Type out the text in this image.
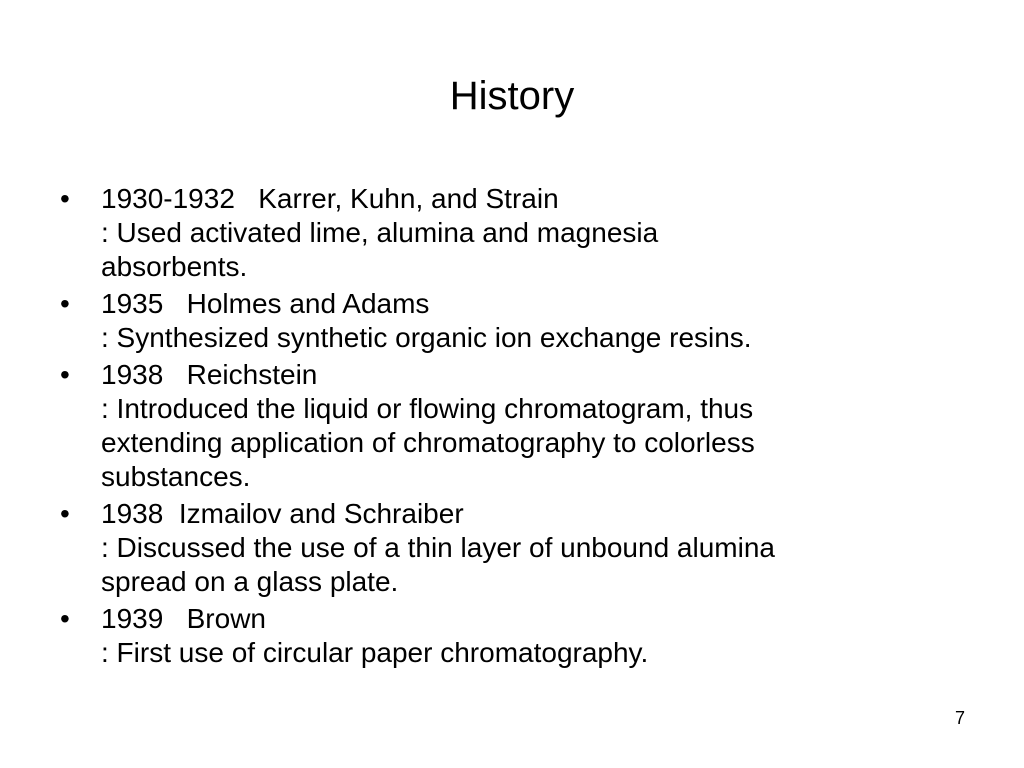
History
•	1930-1932   Karrer, Kuhn, and Strain
: Used activated lime, alumina and magnesia
absorbents.
•	1935   Holmes and Adams
: Synthesized synthetic organic ion exchange resins.
•	1938   Reichstein
: Introduced the liquid or flowing chromatogram, thus
extending application of chromatography to colorless
substances.
•	1938  Izmailov and Schraiber
: Discussed the use of a thin layer of unbound alumina
spread on a glass plate.
•	1939   Brown
: First use of circular paper chromatography.
7
